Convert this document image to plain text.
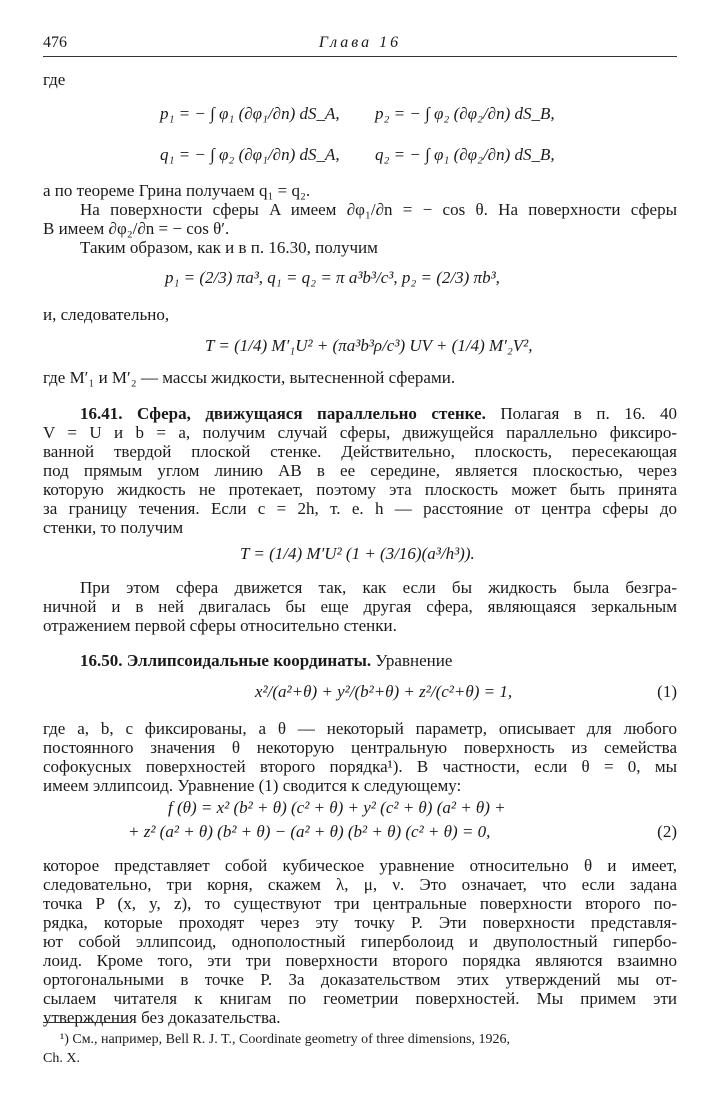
476	Глава 16
где
p₁ = − ∫ φ₁ (∂φ₁/∂n) dS_A, p₂ = − ∫ φ₂ (∂φ₂/∂n) dS_B,
q₁ = − ∫ φ₂ (∂φ₁/∂n) dS_A, q₂ = − ∫ φ₁ (∂φ₂/∂n) dS_B,
а по теореме Грина получаем q₁ = q₂.
На поверхности сферы A имеем ∂φ₁/∂n = − cos θ. На поверхности сферы
B имеем ∂φ₂/∂n = − cos θ′.
Таким образом, как и в п. 16.30, получим
p₁ = (2/3) πa³, q₁ = q₂ = π a³b³/c³, p₂ = (2/3) πb³,
и, следовательно,
T = (1/4) M′₁U² + (πa³b³ρ/c³) UV + (1/4) M′₂V²,
где M′₁ и M′₂ — массы жидкости, вытесненной сферами.
16.41. Сфера, движущаяся параллельно стенке. Полагая в п. 16. 40
V = U и b = a, получим случай сферы, движущейся параллельно фиксиро-
ванной твердой плоской стенке. Действительно, плоскость, пересекающая
под прямым углом линию AB в ее середине, является плоскостью, через
которую жидкость не протекает, поэтому эта плоскость может быть принята
за границу течения. Если c = 2h, т. е. h — расстояние от центра сферы до
стенки, то получим
T = (1/4) M′U² (1 + (3/16)(a³/h³)).
При этом сфера движется так, как если бы жидкость была безгра-
ничной и в ней двигалась бы еще другая сфера, являющаяся зеркальным
отражением первой сферы относительно стенки.
16.50. Эллипсоидальные координаты. Уравнение
x²/(a²+θ) + y²/(b²+θ) + z²/(c²+θ) = 1,	(1)
где a, b, c фиксированы, а θ — некоторый параметр, описывает для любого
постоянного значения θ некоторую центральную поверхность из семейства
софокусных поверхностей второго порядка¹). В частности, если θ = 0, мы
имеем эллипсоид. Уравнение (1) сводится к следующему:
f (θ) = x² (b² + θ) (c² + θ) + y² (c² + θ) (a² + θ) +
+ z² (a² + θ) (b² + θ) − (a² + θ) (b² + θ) (c² + θ) = 0,	(2)
которое представляет собой кубическое уравнение относительно θ и имеет,
следовательно, три корня, скажем λ, μ, ν. Это означает, что если задана
точка P (x, y, z), то существуют три центральные поверхности второго по-
рядка, которые проходят через эту точку P. Эти поверхности представля-
ют собой эллипсоид, однополостный гиперболоид и двуполостный гипербо-
лоид. Кроме того, эти три поверхности второго порядка являются взаимно
ортогональными в точке P. За доказательством этих утверждений мы от-
сылаем читателя к книгам по геометрии поверхностей. Мы примем эти
утверждения без доказательства.
¹) См., например, Bell R. J. T., Coordinate geometry of three dimensions, 1926,
Ch. X.
